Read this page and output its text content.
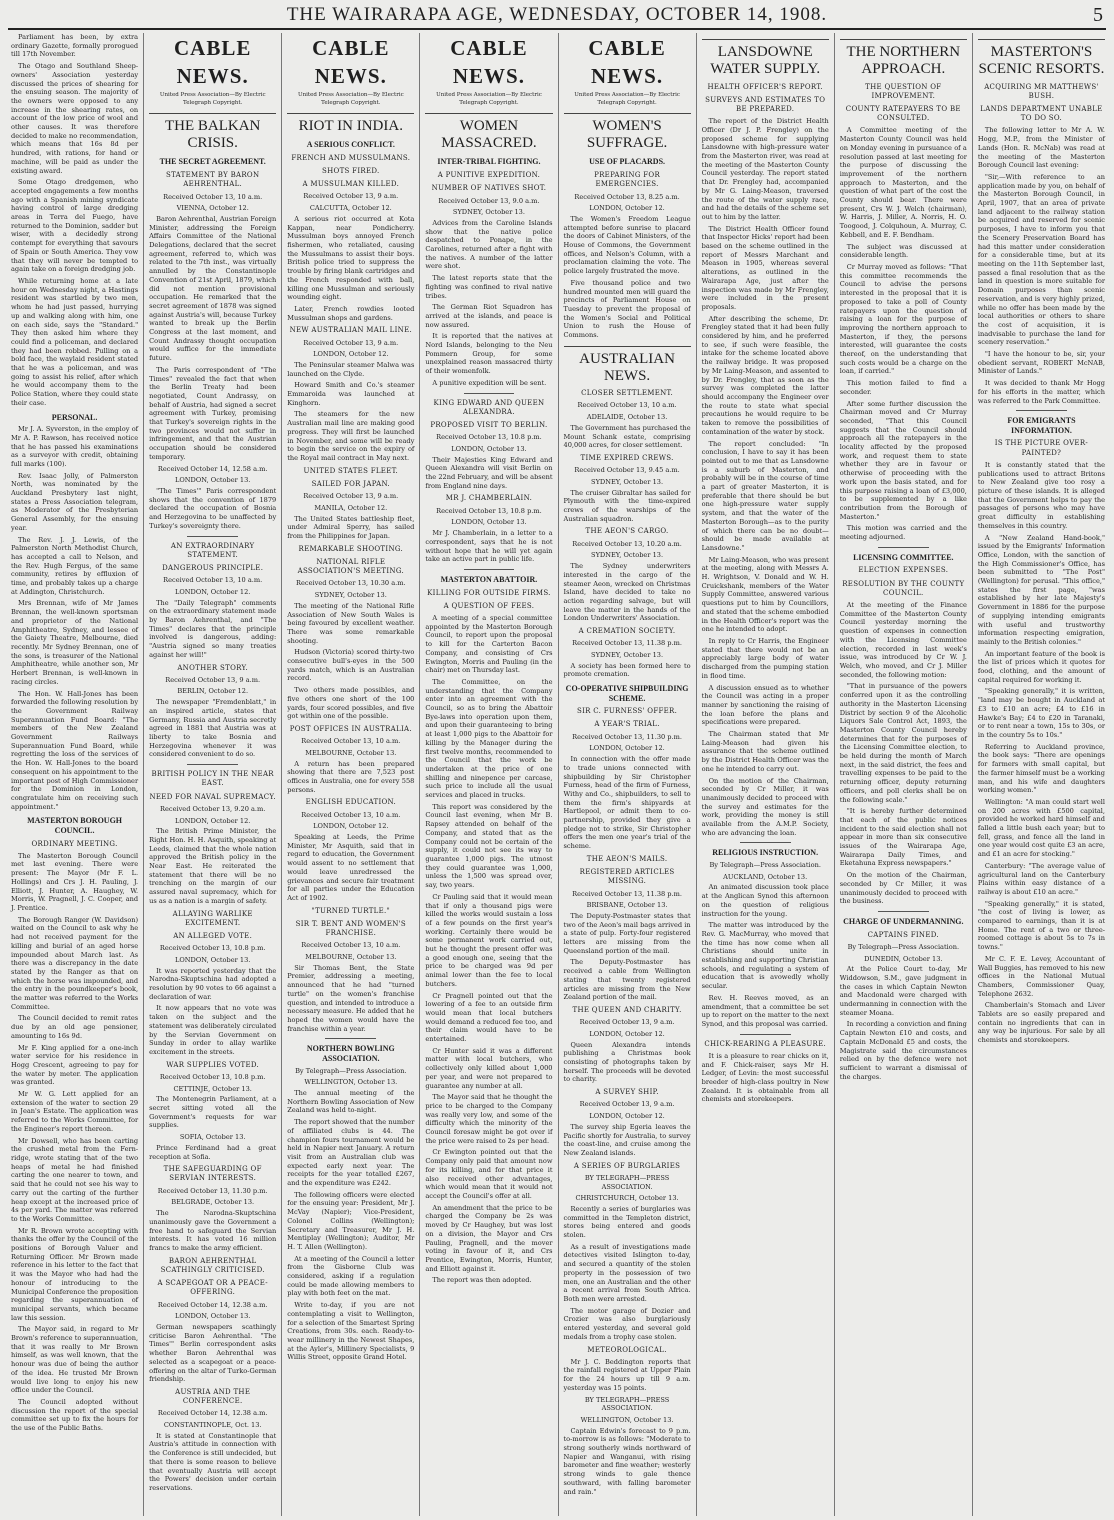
THE WAIRARAPA AGE, WEDNESDAY, OCTOBER 14, 1908.	5

Parliament has been, by extra ordinary Gazette, formally prorogued till 17th November.

The Otago and Southland Sheep-owners' Association yesterday discussed the prices of shearing for the ensuing season. The majority of the owners were opposed to any increase in the shearing rates, on account of the low price of wool and other causes. It was therefore decided to make no recommendation, which means that 16s 8d per hundred, with rations, for hand or machine, will be paid as under the existing award.

Some Otago dredgemen, who accepted engagements a few months ago with a Spanish mining syndicate having control of large dredging areas in Terra del Fuego, have returned to the Dominion, sadder but wiser, with a decidedly strong contempt for everything that savours of Spain or South America. They vow that they will never be tempted to again take on a foreign dredging job.

While returning home at a late hour on Wednesday night, a Hastings resident was startled by two men, whom he had just passed, hurrying up and walking along with him, one on each side, says the "Standard." They then asked him where they could find a policeman, and declared they had been robbed. Pulling on a bold face, the waylaid resident stated that he was a policeman, and was going to assist his relief, after which he would accompany them to the Police Station, where they could state their case.

PERSONAL.

Mr J. A. Syverston, in the employ of Mr A. P. Rawson, has received notice that he has passed his examinations as a surveyor with credit, obtaining full marks (100).

Rev. Isaac Jolly, of Palmerston North, was nominated by the Auckland Presbytery last night, states a Press Association telegram, as Moderator of the Presbyterian General Assembly, for the ensuing year.

The Rev. J. J. Lewis, of the Palmerston North Methodist Church, has accepted a call to Nelson, and the Rev. Hugh Fergus, of the same community, retires by effluxion of time, and probably takes up a charge at Addington, Christchurch.

Mrs Brennan, wife of Mr James Brennan, the well-known sportsman and proprietor of the National Amphitheatre, Sydney, and lessee of the Gaiety Theatre, Melbourne, died recently. Mr Sydney Brennan, one of the sons, is treasurer of the National Amphitheatre, while another son, Mr Herbert Brennan, is well-known in racing circles.

The Hon. W. Hall-Jones has been forwarded the following resolution by the Government Railway Superannuation Fund Board: "The members of the New Zealand Government Railways Superannuation Fund Board, while regretting the loss of the services of the Hon. W. Hall-Jones to the board consequent on his appointment to the important post of High Commissioner for the Dominion in London, congratulate him on receiving such appointment."

MASTERTON BOROUGH COUNCIL.
ORDINARY MEETING.

The Masterton Borough Council met last evening. There were present: The Mayor (Mr F. L. Hollings) and Crs J. H. Pauling, J. Elliott, J. Hunter, A. Haughey, W. Morris, W. Pragnell, J. C. Cooper, and J. Prentice.

The Borough Ranger (W. Davidson) waited on the Council to ask why he had not received payment for the killing and burial of an aged horse impounded about March last. As there was a discrepancy in the date stated by the Ranger as that on which the horse was impounded, and the entry in the poundkeeper's book, the matter was referred to the Works Committee.

The Council decided to remit rates due by an old age pensioner, amounting to 16s 9d.

Mr F. King applied for a one-inch water service for his residence in Hogg Crescent, agreeing to pay for the water by meter. The application was granted.

Mr W. G. Lett applied for an extension of the water to section 29 in Jean's Estate. The application was referred to the Works Committee, for the Engineer's report thereon.

Mr Dowsell, who has been carting the crushed metal from the Fern-ridge, wrote stating that of the two heaps of metal he had finished carting the one nearer to town, and said that he could not see his way to carry out the carting of the further heap except at the increased price of 4s per yard. The matter was referred to the Works Committee.

Mr R. Brown wrote accepting with thanks the offer by the Council of the positions of Borough Valuer and Returning Officer. Mr Brown made reference in his letter to the fact that it was the Mayor who had had the honour of introducing to the Municipal Conference the proposition regarding the superannuation of municipal servants, which became law this session.

The Mayor said, in regard to Mr Brown's reference to superannuation, that it was really to Mr Brown himself, as was well known, that the honour was due of being the author of the idea. He trusted Mr Brown would live long to enjoy his new office under the Council.

The Council adopted without discussion the report of the special committee set up to fix the hours for the use of the Public Baths.

CABLE NEWS.
United Press Association—By Electric Telegraph Copyright.
THE BALKAN CRISIS.
THE SECRET AGREEMENT.
STATEMENT BY BARON AEHRENTHAL.
Received October 13, 10 a.m.
VIENNA, October 12.

Baron Aehrenthal, Austrian Foreign Minister, addressing the Foreign Affairs Committee of the National Delegations, declared that the secret agreement, referred to, which was related to the 7th inst., was virtually annulled by the Constantinople Convention of 21st April, 1879, which did not mention provisional occupation. He remarked that the secret agreement of 1878 was signed against Austria's will, because Turkey wanted to break up the Berlin Congress at the last moment, and Count Andrassy thought occupation would suffice for the immediate future.

The Paris correspondent of "The Times" revealed the fact that when the Berlin Treaty had been negotiated, Count Andrassy, on behalf of Austria, had signed a secret agreement with Turkey, promising that Turkey's sovereign rights in the two provinces would not suffer in infringement, and that the Austrian occupation should be considered temporary.

Received October 14, 12.58 a.m.
LONDON, October 13.

"The Times'" Paris correspondent shows that the convention of 1879 declared the occupation of Bosnia and Herzegovina to be unaffected by Turkey's sovereignty there.

AN EXTRAORDINARY STATEMENT.
DANGEROUS PRINCIPLE.
Received October 13, 10 a.m.
LONDON, October 12.

The "Daily Telegraph" comments on the extraordinary statement made by Baron Aehrenthal, and "The Times" declares that the principle involved is dangerous, adding: "Austria signed so many treaties against her will!"

ANOTHER STORY.
Received October 13, 9 a.m.
BERLIN, October 12.

The newspaper "Fremdenblatt," in an inspired article, states that Germany, Russia and Austria secretly agreed in 1881 that Austria was at liberty to take Bosnia and Herzegovina whenever it was considered convenient to do so.

BRITISH POLICY IN THE NEAR EAST.
NEED FOR NAVAL SUPREMACY.
Received October 13, 9.20 a.m.
LONDON, October 12.

The British Prime Minister, the Right Hon. H. H. Asquith, speaking at Leeds, claimed that the whole nation approved the British policy in the Near East. He reiterated the statement that there will be no trenching on the margin of our assured naval supremacy, which for us as a nation is a margin of safety.

ALLAYING WARLIKE EXCITEMENT.
AN ALLEGED VOTE.
Received October 13, 10.8 p.m.
LONDON, October 13.

It was reported yesterday that the Narodna-Skuptschina had adopted a resolution by 90 votes to 66 against a declaration of war.

It now appears that no vote was taken on the subject and the statement was deliberately circulated by the Servian Government on Sunday in order to allay warlike excitement in the streets.

WAR SUPPLIES VOTED.
Received October 13, 10.8 p.m.
CETTINJE, October 13.

The Montenegrin Parliament, at a secret sitting voted all the Government's requests for war supplies.

SOFIA, October 13.

Prince Ferdinand had a great reception at Sofia.

THE SAFEGUARDING OF SERVIAN INTERESTS.
Received October 13, 11.30 p.m.
BELGRADE, October 13.

The Narodna-Skuptschina unanimously gave the Government a free hand to safeguard the Servian interests. It has voted 16 million francs to make the army efficient.

BARON AEHRENTHAL SCATHINGLY CRITICISED.
A SCAPEGOAT OR A PEACE-OFFERING.
Received October 14, 12.38 a.m.
LONDON, October 13.

German newspapers scathingly criticise Baron Aehrenthal. "The Times'" Berlin correspondent asks whether Baron Aehrenthal was selected as a scapegoat or a peace-offering on the altar of Turko-German friendship.

AUSTRIA AND THE CONFERENCE.
Received October 14, 12.38 a.m.
CONSTANTINOPLE, Oct. 13.

It is stated at Constantinople that Austria's attitude in connection with the Conference is still undecided, but that there is some reason to believe that eventually Austria will accept the Powers' decision under certain reservations.

CABLE NEWS.
United Press Association—By Electric Telegraph Copyright.
RIOT IN INDIA.
A SERIOUS CONFLICT.
FRENCH AND MUSSULMANS.
SHOTS FIRED.
A MUSSULMAN KILLED.
Received October 13, 9 a.m.
CALCUTTA, October 12.

A serious riot occurred at Kota Kappan, near Pondicherry. Mussulman boys annoyed French fishermen, who retaliated, causing the Mussulmans to assist their boys. British police tried to suppress the trouble by firing blank cartridges and the French responded with ball, killing one Mussulman and seriously wounding eight.

Later, French rowdies looted Mussulman shops and gardens.

NEW AUSTRALIAN MAIL LINE.
Received October 13, 9 a.m.
LONDON, October 12.

The Peninsular steamer Malwa was launched on the Clyde.

Howard Smith and Co.'s steamer Emmaroida was launched at Kinghorn.

The steamers for the new Australian mail line are making good progress. They will first be launched in November, and some will be ready to begin the service on the expiry of the Royal mail contract in May next.

UNITED STATES FLEET.
SAILED FOR JAPAN.
Received October 13, 9 a.m.
MANILA, October 12.

The United States battleship fleet, under Admiral Sperry, has sailed from the Philippines for Japan.

REMARKABLE SHOOTING.
NATIONAL RIFLE ASSOCIATION'S MEETING.
Received October 13, 10.30 a.m.
SYDNEY, October 13.

The meeting of the National Rifle Association of New South Wales is being favoured by excellent weather. There was some remarkable shooting.

Hudson (Victoria) scored thirty-two consecutive bull's-eyes in the 500 yards match, which is an Australian record.

Two others made possibles, and five others one short of the 100 yards, four scored possibles, and five got within one of the possible.

POST OFFICES IN AUSTRALIA.
Received October 13, 10 a.m.
MELBOURNE, October 13.

A return has been prepared showing that there are 7,523 post offices in Australia, one for every 558 persons.

ENGLISH EDUCATION.
Received October 13, 10 a.m.
LONDON, October 12.

Speaking at Leeds, the Prime Minister, Mr Asquith, said that in regard to education, the Government would assent to no settlement that would leave unredressed the grievances and secure fair treatment for all parties under the Education Act of 1902.

"TURNED TURTLE."
SIR T. BENT AND WOMEN'S FRANCHISE.
Received October 13, 10 a.m.
MELBOURNE, October 13.

Sir Thomas Bent, the State Premier, addressing a meeting, announced that he had "turned turtle" on the women's franchise question, and intended to introduce a necessary measure. He added that he hoped the women would have the franchise within a year.

NORTHERN BOWLING ASSOCIATION.
By Telegraph—Press Association.
WELLINGTON, October 13.

The annual meeting of the Northern Bowling Association of New Zealand was held to-night.

The report showed that the number of affiliated clubs is 44. The champion fours tournament would be held in Napier next January. A return visit from an Australian club was expected early next year. The receipts for the year totalled £267, and the expenditure was £242.

The following officers were elected for the ensuing year: President, Mr J. McVay (Napier); Vice-President, Colonel Collins (Wellington); Secretary and Treasurer, Mr J. H. Mentiplay (Wellington); Auditor, Mr H. T. Allen (Wellington).

At a meeting of the Council a letter from the Gisborne Club was considered, asking if a regulation could be made allowing members to play with both feet on the mat.

Write to-day, if you are not contemplating a visit to Wellington, for a selection of the Smartest Spring Creations, from 30s. each. Ready-to-wear millinery in the Newest Shapes, at the Ayler's, Millinery Specialists, 9 Willis Street, opposite Grand Hotel.

CABLE NEWS.
United Press Association—By Electric Telegraph Copyright.
WOMEN MASSACRED.
INTER-TRIBAL FIGHTING.
A PUNITIVE EXPEDITION.
NUMBER OF NATIVES SHOT.
Received October 13, 9.0 a.m.
SYDNEY, October 13.

Advices from the Caroline Islands show that the native police despatched to Ponape, in the Carolines, returned after a fight with the natives. A number of the latter were shot.

The latest reports state that the fighting was confined to rival native tribes.

The German Riot Squadron has arrived at the islands, and peace is now assured.

It is reported that the natives at Nord Islands, belonging to the Neu Pommern Group, for some unexplained reason massacred thirty of their womenfolk.

A punitive expedition will be sent.

KING EDWARD AND QUEEN ALEXANDRA.
PROPOSED VISIT TO BERLIN.
Received October 13, 10.8 p.m.
LONDON, October 13.

Their Majesties King Edward and Queen Alexandra will visit Berlin on the 22nd February, and will be absent from England nine days.

MR J. CHAMBERLAIN.
Received October 13, 10.8 p.m.
LONDON, October 13.

Mr J. Chamberlain, in a letter to a correspondent, says that he is not without hope that he will yet again take an active part in public life.

MASTERTON ABATTOIR.
KILLING FOR OUTSIDE FIRMS.
A QUESTION OF FEES.

A meeting of a special committee appointed by the Masterton Borough Council, to report upon the proposal to kill for the Carterton Bacon Company, and consisting of Crs Ewington, Morris and Pauling (in the chair) met on Thursday last.

The Committee, on the understanding that the Company enter into an agreement with the Council, so as to bring the Abattoir Bye-laws into operation upon them, and upon their guaranteeing to bring at least 1,000 pigs to the Abattoir for killing by the Manager during the first twelve months, recommended to the Council that the work be undertaken at the price of one shilling and ninepence per carcase, such price to include all the usual services and placed in trucks.

This report was considered by the Council last evening, when Mr B. Rapsey attended on behalf of the Company, and stated that as the Company could not be certain of the supply, it could not see its way to guarantee 1,000 pigs. The utmost they could guarantee was 1,000, unless the 1,500 was spread over, say, two years.

Cr Pauling said that it would mean that if only a thousand pigs were killed the works would sustain a loss of a few pounds on the first year's working. Certainly there would be some permanent work carried out, but he thought the present offer was a good enough one, seeing that the price to be charged was 9d per animal lower than the fee to local butchers.

Cr Pragnell pointed out that the lowering of a fee to an outside firm would mean that local butchers would demand a reduced fee too, and their claim would have to be entertained.

Cr Hunter said it was a different matter with local butchers, who collectively only killed about 1,000 per year, and were not prepared to guarantee any number at all.

The Mayor said that he thought the price to be charged to the Company was really very low, and some of the difficulty which the minority of the Council foresaw might be got over if the price were raised to 2s per head.

Cr Ewington pointed out that the Company only paid that amount now for its killing, and for that price it also received other advantages, which would mean that it would not accept the Council's offer at all.

An amendment that the price to be charged the Company be 2s was moved by Cr Haughey, but was lost on a division, the Mayor and Crs Pauling, Pragnell, and the mover voting in favour of it, and Crs Prentice, Ewington, Morris, Hunter, and Elliott against it.

The report was then adopted.

CABLE NEWS.
United Press Association—By Electric Telegraph Copyright.
WOMEN'S SUFFRAGE.
USE OF PLACARDS.
PREPARING FOR EMERGENCIES.
Received October 13, 8.25 a.m.
LONDON, October 12.

The Women's Freedom League attempted before sunrise to placard the doors of Cabinet Ministers, of the House of Commons, the Government offices, and Nelson's Column, with a proclamation claiming the vote. The police largely frustrated the move.

Five thousand police and two hundred mounted men will guard the precincts of Parliament House on Tuesday to prevent the proposal of the Women's Social and Political Union to rush the House of Commons.

AUSTRALIAN NEWS.
CLOSER SETTLEMENT.
Received October 13, 10 a.m.
ADELAIDE, October 13.

The Government has purchased the Mount Schank estate, comprising 40,000 acres, for closer settlement.

TIME EXPIRED CREWS.
Received October 13, 9.45 a.m.
SYDNEY, October 13.

The cruiser Gibraltar has sailed for Plymouth with the time-expired crews of the warships of the Australian squadron.

THE AEON'S CARGO.
Received October 13, 10.20 a.m.
SYDNEY, October 13.

The Sydney underwriters interested in the cargo of the steamer Aeon, wrecked on Christmas Island, have decided to take no action regarding salvage, but will leave the matter in the hands of the London Underwriters' Association.

A CREMATION SOCIETY.
Received October 13, 11.38 p.m.
SYDNEY, October 13.

A society has been formed here to promote cremation.

CO-OPERATIVE SHIPBUILDING SCHEME.
SIR C. FURNESS' OFFER.
A YEAR'S TRIAL.
Received October 13, 11.30 p.m.
LONDON, October 12.

In connection with the offer made to trade unions connected with shipbuilding by Sir Christopher Furness, head of the firm of Furness, Withy and Co., shipbuilders, to sell to them the firm's shipyards at Hartlepool, or admit them to co-partnership, provided they give a pledge not to strike, Sir Christopher offers the men one year's trial of the scheme.

THE AEON'S MAILS.
REGISTERED ARTICLES MISSING.
Received October 13, 11.38 p.m.
BRISBANE, October 13.

The Deputy-Postmaster states that two of the Aeon's mail bags arrived in a state of pulp. Forty-four registered letters are missing from the Queensland portion of the mail.

The Deputy-Postmaster has received a cable from Wellington stating that twenty registered articles are missing from the New Zealand portion of the mail.

THE QUEEN AND CHARITY.
Received October 13, 9 a.m.
LONDON, October 12.

Queen Alexandra intends publishing a Christmas book consisting of photographs taken by herself. The proceeds will be devoted to charity.

A SURVEY SHIP.
Received October 13, 9 a.m.
LONDON, October 12.

The survey ship Egeria leaves the Pacific shortly for Australia, to survey the coast-line, and cruise among the New Zealand islands.

A SERIES OF BURGLARIES
BY TELEGRAPH—PRESS ASSOCIATION.
CHRISTCHURCH, October 13.

Recently a series of burglaries was committed in the Templeton district, stores being entered and goods stolen.

As a result of investigations made detectives visited Islington to-day, and secured a quantity of the stolen property in the possession of two men, one an Australian and the other a recent arrival from South Africa. Both men were arrested.

The motor garage of Dozier and Crozier was also burglariously entered yesterday, and several gold medals from a trophy case stolen.

METEOROLOGICAL.

Mr J. C. Beddington reports that the rainfall registered at Upper Plain for the 24 hours up till 9 a.m. yesterday was 15 points.

BY TELEGRAPH—PRESS ASSOCIATION.
WELLINGTON, October 13.

Captain Edwin's forecast to 9 p.m. to-morrow is as follows: "Moderate to strong southerly winds northward of Napier and Wanganui, with rising barometer and fine weather; westerly strong winds to gale thence southward, with falling barometer and rain."

LANSDOWNE WATER SUPPLY.
HEALTH OFFICER'S REPORT.
SURVEYS AND ESTIMATES TO BE PREPARED.

The report of the District Health Officer (Dr J. P. Frengley) on the proposed scheme for supplying Lansdowne with high-pressure water from the Masterton river, was read at the meeting of the Masterton County Council yesterday. The report stated that Dr. Frengley had, accompanied by Mr G. Laing-Meason, traversed the route of the water supply race, and had the details of the scheme set out to him by the latter.

The District Health Officer found that Inspector Hicks' report had been based on the scheme outlined in the report of Messrs Marchant and Meason in 1905, whereas several alterations, as outlined in the Wairarapa Age, just after the inspection was made by Mr Frengley, were included in the present proposals.

After describing the scheme, Dr. Frengley stated that it had been fully considered by him, and he preferred to see, if such were feasible, the intake for the scheme located above the railway bridge. It was proposed by Mr Laing-Meason, and assented to by Dr. Frengley, that as soon as the survey was completed the latter should accompany the Engineer over the route to state what special precautions he would require to be taken to remove the possibilities of contamination of the water by stock.

The report concluded: "In conclusion, I have to say it has been pointed out to me that as Lansdowne is a suburb of Masterton, and probably will be in the course of time a part of greater Masterton, it is preferable that there should be but one high-pressure water supply system, and that the water of the Masterton Borough—as to the purity of which there can be no doubt—should be made available at Lansdowne."

Mr Laing-Meason, who was present at the meeting, along with Messrs A. H. Wrightson, V. Donald and W. H. Cruickshank, members of the Water Supply Committee, answered various questions put to him by Councillors, and stated that the scheme embodied in the Health Officer's report was the one he intended to adopt.

In reply to Cr Harris, the Engineer stated that there would not be an appreciably large body of water discharged from the pumping station in flood time.

A discussion ensued as to whether the Council was acting in a proper manner by sanctioning the raising of the loan before the plans and specifications were prepared.

The Chairman stated that Mr Laing-Meason had given his assurance that the scheme outlined by the District Health Officer was the one he intended to carry out.

On the motion of the Chairman, seconded by Cr Miller, it was unanimously decided to proceed with the survey and estimates for the work, providing the money is still available from the A.M.P. Society, who are advancing the loan.

RELIGIOUS INSTRUCTION.
By Telegraph—Press Association.
AUCKLAND, October 13.

An animated discussion took place at the Anglican Synod this afternoon on the question of religious instruction for the young.

The matter was introduced by the Rev. G. MacMurray, who moved that the time has now come when all Christians should unite in establishing and supporting Christian schools, and regulating a system of education that is avowedly wholly secular.

Rev. H. Reeves moved, as an amendment, that a committee be set up to report on the matter to the next Synod, and this proposal was carried.

CHICK-REARING A PLEASURE.

It is a pleasure to rear chicks on it, and F. Chick-raiser, says Mr H. Ledger, of Levin: the most successful breeder of high-class poultry in New Zealand. It is obtainable from all chemists and storekeepers.

THE NORTHERN APPROACH.
THE QUESTION OF IMPROVEMENT.
COUNTY RATEPAYERS TO BE CONSULTED.

A Committee meeting of the Masterton County Council was held on Monday evening in pursuance of a resolution passed at last meeting for the purpose of discussing the improvement of the northern approach to Masterton, and the question of what part of the cost the County should bear. There were present, Crs W. J. Welch (chairman), W. Harris, J. Miller, A. Norris, H. O. Toogood, J. Colquhoun, A. Murray, C. Kebbell, and E. F. Bendham.

The subject was discussed at considerable length.

Cr Murray moved as follows: "That this committee recommends the Council to advise the persons interested in the proposal that it is proposed to take a poll of County ratepayers upon the question of raising a loan for the purpose of improving the northern approach to Masterton, if they, the persons interested, will guarantee the costs thereof, on the understanding that such costs would be a charge on the loan, if carried."

This motion failed to find a seconder.

After some further discussion the Chairman moved and Cr Murray seconded, "That this Council suggests that the Council should approach all the ratepayers in the locality affected by the proposed work, and request them to state whether they are in favour or otherwise of proceeding with the work upon the basis stated, and for this purpose raising a loan of £3,000, to be supplemented by a like contribution from the Borough of Masterton."

This motion was carried and the meeting adjourned.

LICENSING COMMITTEE.
ELECTION EXPENSES.
RESOLUTION BY THE COUNTY COUNCIL.

At the meeting of the Finance Committee of the Masterton County Council yesterday morning the question of expenses in connection with the Licensing Committee election, recorded in last week's issue, was introduced by Cr W. J. Welch, who moved, and Cr J. Miller seconded, the following motion:

"That in pursuance of the powers conferred upon it as the controlling authority in the Masterton Licensing District by section 9 of the Alcoholic Liquors Sale Control Act, 1893, the Masterton County Council hereby determines that for the purposes of the Licensing Committee election, to be held during the month of March next, in the said district, the fees and travelling expenses to be paid to the returning officer, deputy returning officers, and poll clerks shall be on the following scale."

"It is hereby further determined that each of the public notices incident to the said election shall not appear in more than six consecutive issues of the Wairarapa Age, Wairarapa Daily Times, and Eketahuna Express newspapers."

On the motion of the Chairman, seconded by Cr Miller, it was unanimously decided to proceed with the business.

CHARGE OF UNDERMANNING.
CAPTAINS FINED.
By Telegraph—Press Association.
DUNEDIN, October 13.

At the Police Court to-day, Mr Widdowson, S.M., gave judgment in the cases in which Captain Newton and Macdonald were charged with undermanning in connection with the steamer Moana.

In recording a conviction and fining Captain Newton £10 and costs, and Captain McDonald £5 and costs, the Magistrate said the circumstances relied on by the defence were not sufficient to warrant a dismissal of the charges.

MASTERTON'S SCENIC RESORTS.
ACQUIRING MR MATTHEWS' BUSH.
LANDS DEPARTMENT UNABLE TO DO SO.

The following letter to Mr A. W. Hogg, M.P., from the Minister of Lands (Hon. R. McNab) was read at the meeting of the Masterton Borough Council last evening:

"Sir,—With reference to an application made by you, on behalf of the Masterton Borough Council, in April, 1907, that an area of private land adjacent to the railway station be acquired and reserved for scenic purposes, I have to inform you that the Scenery Preservation Board has had this matter under consideration for a considerable time, but at its meeting on the 11th September last, passed a final resolution that as the land in question is more suitable for Domain purposes than scenic reservation, and is very highly prized, while no offer has been made by the local authorities or others to share the cost of acquisition, it is inadvisable to purchase the land for scenery reservation."

"I have the honour to be, sir, your obedient servant, ROBERT McNAB, Minister of Lands."

It was decided to thank Mr Hogg for his efforts in the matter, which was referred to the Park Committee.

FOR EMIGRANTS INFORMATION.
IS THE PICTURE OVER-PAINTED?

It is constantly stated that the publications used to attract Britons to New Zealand give too rosy a picture of these islands. It is alleged that the Government helps to pay the passages of persons who may have great difficulty in establishing themselves in this country.

A "New Zealand Hand-book," issued by the Emigrants' Information Office, London, with the sanction of the High Commissioner's Office, has been submitted to "The Post" (Wellington) for perusal. "This office," states the first page, "was established by her late Majesty's Government in 1886 for the purpose of supplying intending emigrants with useful and trustworthy information respecting emigration, mainly to the British colonies."

An important feature of the book is the list of prices which it quotes for food, clothing, and the amount of capital required for working it.

"Speaking generally," it is written, "land may be bought in Auckland at £3 to £10 an acre; £4 to £16 in Hawke's Bay; £4 to £20 in Taranaki, or to rent near a town, 15s to 30s, or in the country 5s to 10s."

Referring to Auckland province, the book says: "There are openings for farmers with small capital, but the farmer himself must be a working man, and his wife and daughters working women."

Wellington: "A man could start well on 200 acres with £500 capital, provided he worked hard himself and falled a little bush each year; but to fell, grass, and fence all the land in one year would cost quite £3 an acre, and £1 an acre for stocking."

Canterbury: "The average value of agricultural land on the Canterbury Plains within easy distance of a railway is about £10 an acre."

"Speaking generally," it is stated, "the cost of living is lower, as compared to earnings, than it is at Home. The rent of a two or three-roomed cottage is about 5s to 7s in towns."

Mr C. F. E. Levey, Accountant of Wall Buggies, has removed to his new offices in the National Mutual Chambers, Commissioner Quay, Telephone 2632.

Chamberlain's Stomach and Liver Tablets are so easily prepared and contain no ingredients that can in any way be injurious. For sale by all chemists and storekeepers.
